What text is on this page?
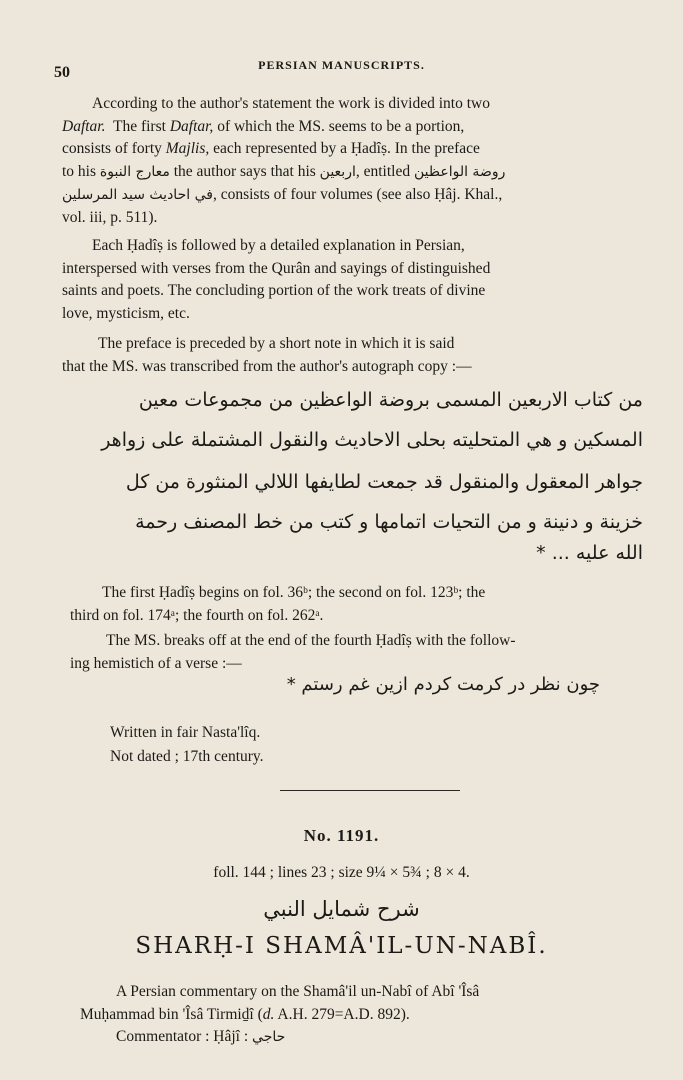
50	PERSIAN MANUSCRIPTS.
According to the author's statement the work is divided into two
Daftar. The first Daftar, of which the MS. seems to be a portion,
consists of forty Majlis, each represented by a Ḥadîṣ. In the preface
to his معارج النبوة the author says that his اربعين, entitled روضة الواعظين
في احاديث سيد المرسلين, consists of four volumes (see also Ḥâj. Khal.,
vol. iii, p. 511).
Each Ḥadîṣ is followed by a detailed explanation in Persian,
interspersed with verses from the Qurân and sayings of distinguished
saints and poets. The concluding portion of the work treats of divine
love, mysticism, etc.
The preface is preceded by a short note in which it is said
that the MS. was transcribed from the author's autograph copy :—
من كتاب الاربعين المسمى بروضة الواعظين من مجموعات معين
المسكين و هي المتحليته بحلى الاحاديث والنقول المشتملة على زواهر
جواهر المعقول والمنقول قد جمعت لطايفها اللالي المنثورة من كل
خزينة و دنينة و من التحيات اتمامها و كتب من خط المصنف رحمة
الله عليه ... *
The first Ḥadîṣ begins on fol. 36ᵇ; the second on fol. 123ᵇ; the
third on fol. 174ᵃ; the fourth on fol. 262ᵃ.
The MS. breaks off at the end of the fourth Ḥadîṣ with the follow-
ing hemistich of a verse :—
چون نظر در کرمت کردم ازین غم رستم *
Written in fair Nasta'lîq.
Not dated ; 17th century.
No. 1191.
foll. 144 ; lines 23 ; size 9¼ × 5¾ ; 8 × 4.
شرح شمايل النبي
SHARḤ-I SHAMÂ'IL-UN-NABÎ.
A Persian commentary on the Shamâ'il un-Nabî of Abî 'Îsâ
Muḥammad bin 'Îsâ Tirmiḏî (d. A.H. 279=A.D. 892).
Commentator : Ḥâjî : حاجي
